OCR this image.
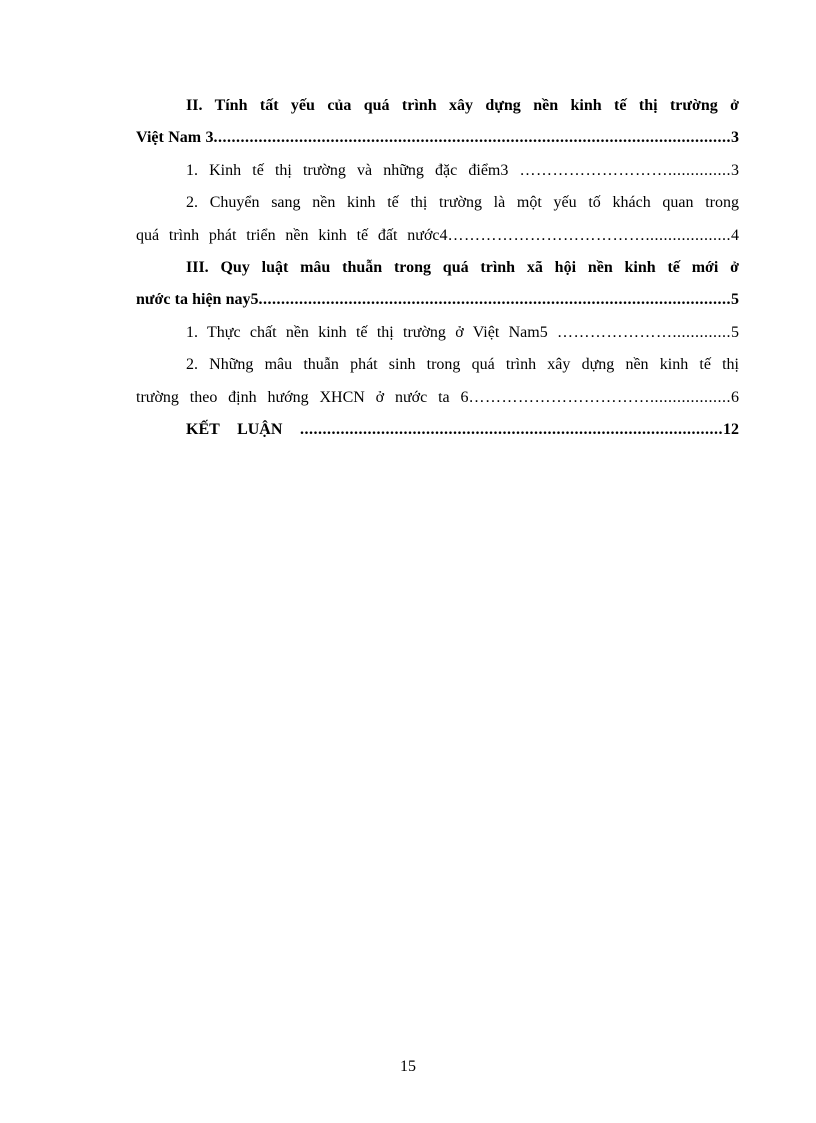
II. Tính tất yếu của quá trình xây dựng nền kinh tế thị trường ở
Việt Nam 3...................................................................................................................3
1. Kinh tế thị trường và những đặc điểm3 ………………………..............3
2. Chuyển sang nền kinh tế thị trường là một yếu tố khách quan trong
quá trình phát triển nền kinh tế đất nước4………………………………...................4
III. Quy luật mâu thuẫn trong quá trình xã hội nền kinh tế mới ở
nước ta hiện nay5.........................................................................................................5
1. Thực chất nền kinh tế thị trường ở Việt Nam5 ………………….............5
2. Những mâu thuẫn phát sinh trong quá trình xây dựng nền kinh tế thị
trường theo định hướng XHCN ở nước ta 6……………………………..................6
KẾT LUẬN ..............................................................................................12
15
